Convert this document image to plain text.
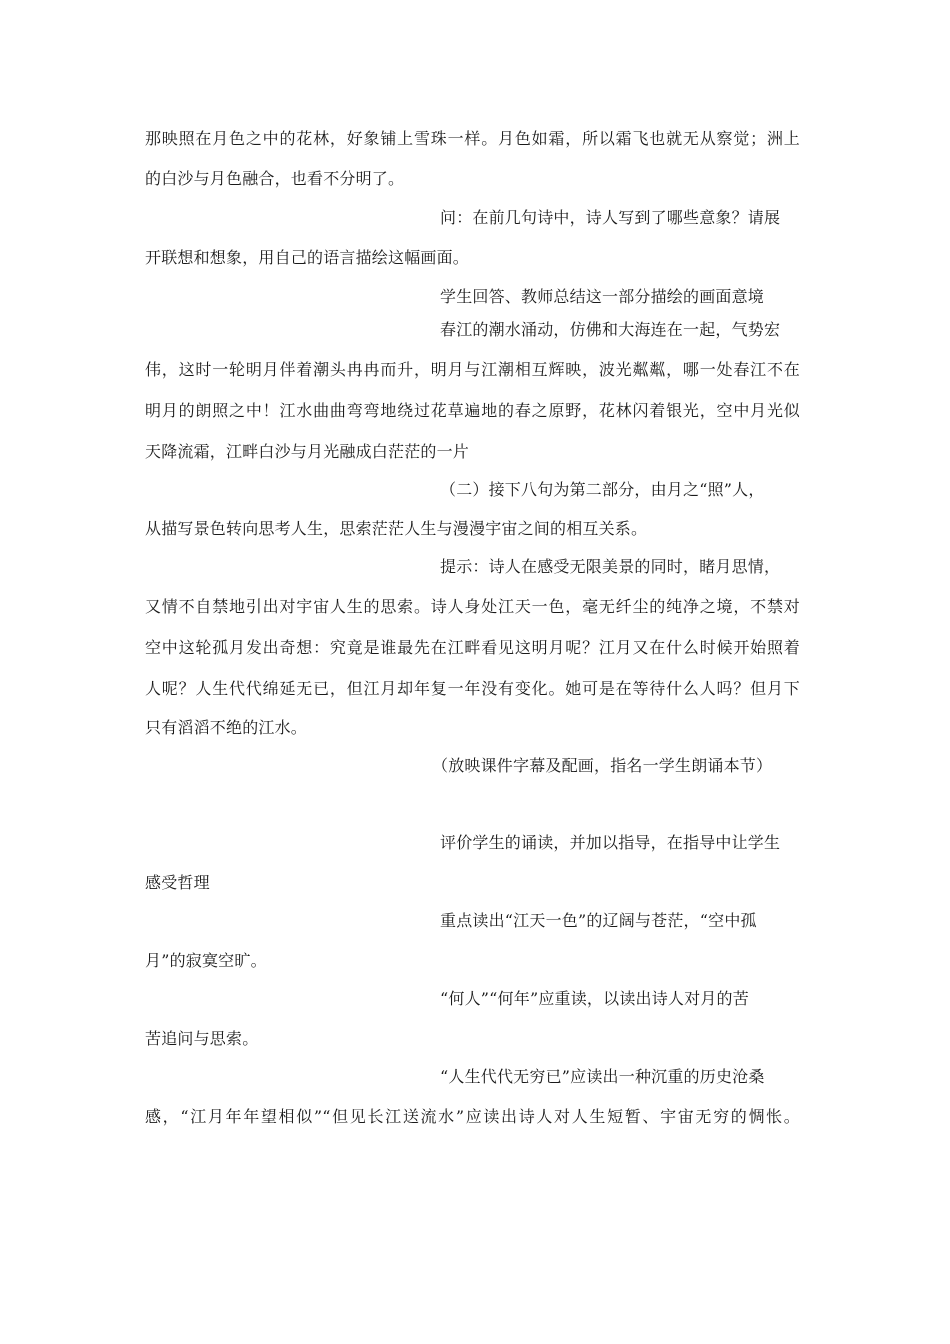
那映照在月色之中的花林，好象铺上雪珠一样。月色如霜，所以霜飞也就无从察觉；洲上
的白沙与月色融合，也看不分明了。
问：在前几句诗中，诗人写到了哪些意象？请展
开联想和想象，用自己的语言描绘这幅画面。
学生回答、教师总结这一部分描绘的画面意境
春江的潮水涌动，仿佛和大海连在一起，气势宏
伟，这时一轮明月伴着潮头冉冉而升，明月与江潮相互辉映，波光粼粼，哪一处春江不在
明月的朗照之中！江水曲曲弯弯地绕过花草遍地的春之原野，花林闪着银光，空中月光似
天降流霜，江畔白沙与月光融成白茫茫的一片
（二）接下八句为第二部分，由月之“照”人，
从描写景色转向思考人生，思索茫茫人生与漫漫宇宙之间的相互关系。
提示：诗人在感受无限美景的同时，睹月思情，
又情不自禁地引出对宇宙人生的思索。诗人身处江天一色，毫无纤尘的纯净之境，不禁对
空中这轮孤月发出奇想：究竟是谁最先在江畔看见这明月呢？江月又在什么时候开始照着
人呢？人生代代绵延无已，但江月却年复一年没有变化。她可是在等待什么人吗？但月下
只有滔滔不绝的江水。
（放映课件字幕及配画，指名一学生朗诵本节）
评价学生的诵读，并加以指导，在指导中让学生
感受哲理
重点读出“江天一色”的辽阔与苍茫，“空中孤
月”的寂寞空旷。
“何人”“何年”应重读，以读出诗人对月的苦
苦追问与思索。
“人生代代无穷已”应读出一种沉重的历史沧桑
感，“江月年年望相似”“但见长江送流水”应读出诗人对人生短暂、宇宙无穷的惆怅。
